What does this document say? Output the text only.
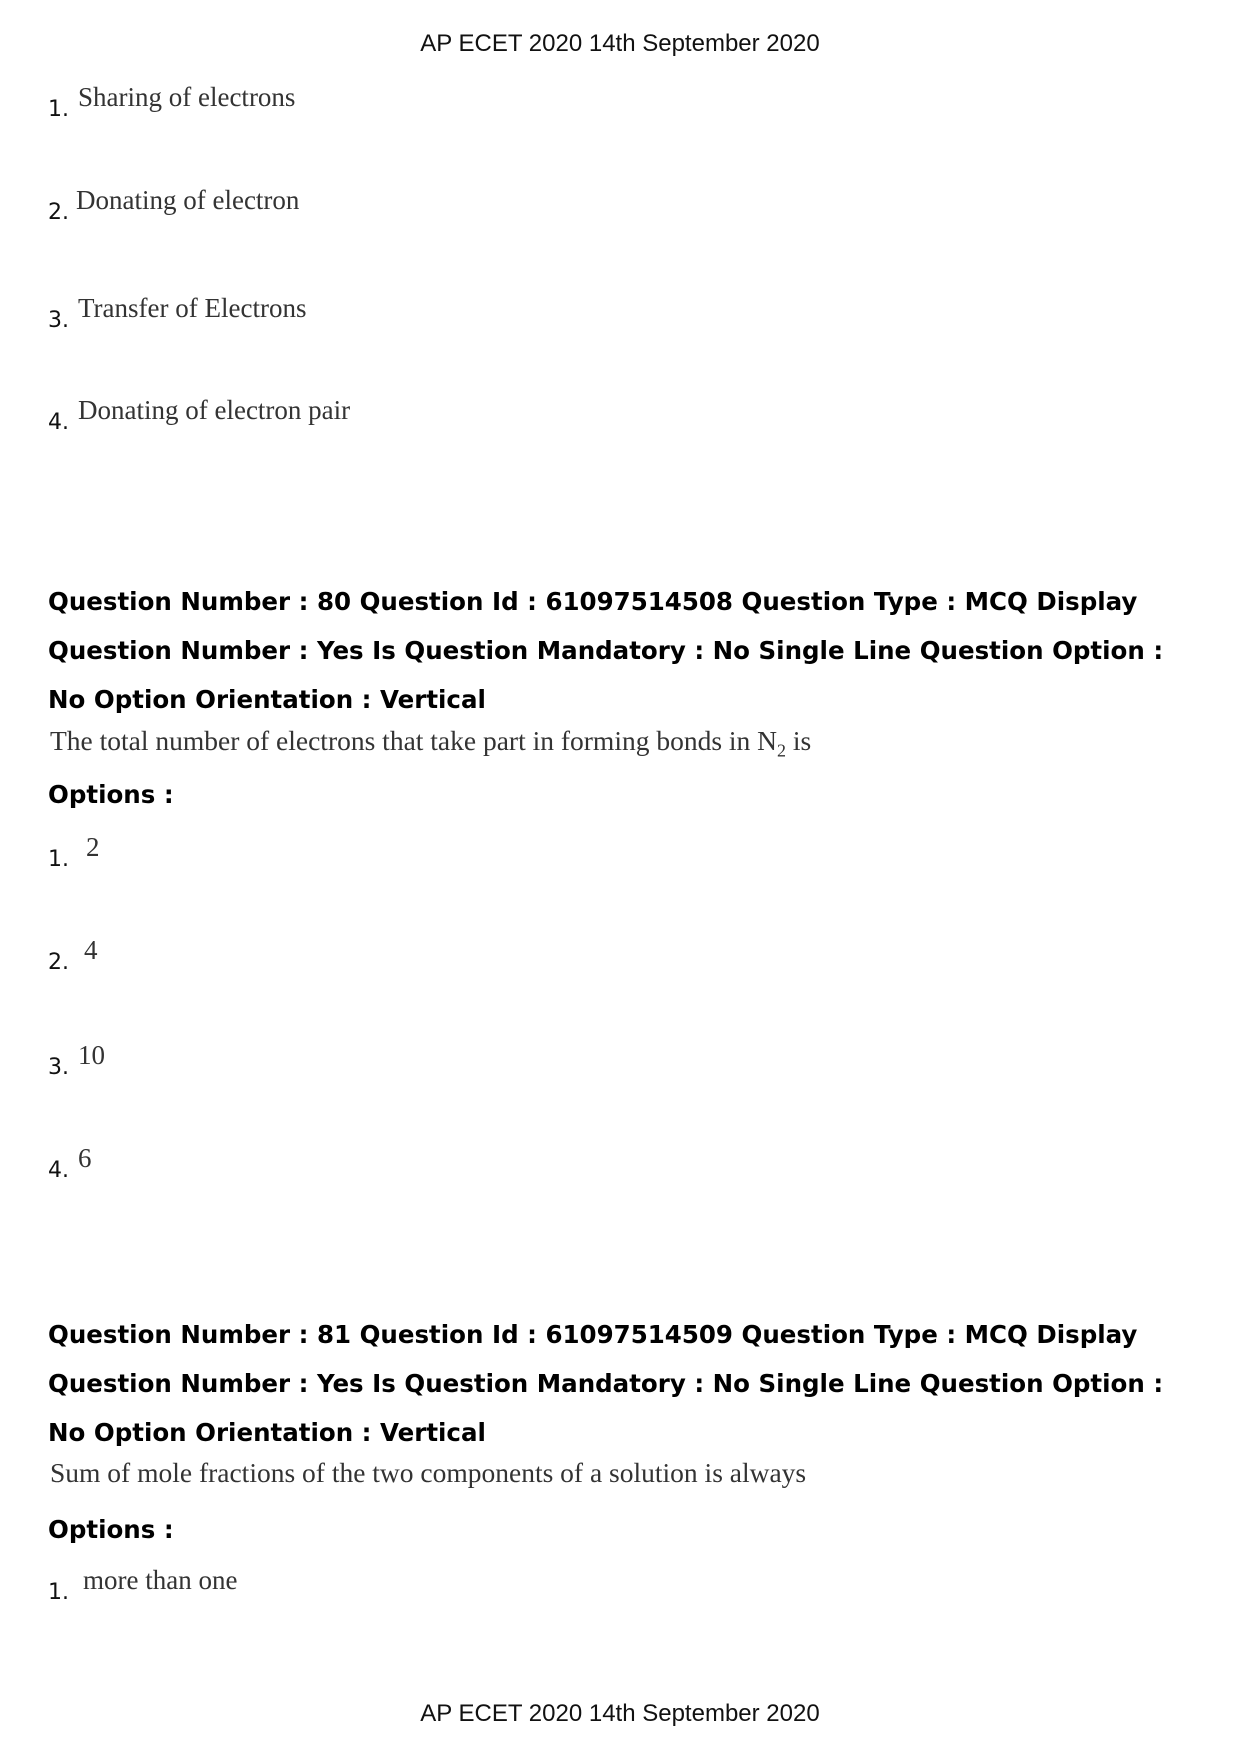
AP ECET 2020 14th September 2020
1. Sharing of electrons
2. Donating of electron
3. Transfer of Electrons
4. Donating of electron pair
Question Number : 80 Question Id : 61097514508 Question Type : MCQ Display Question Number : Yes Is Question Mandatory : No Single Line Question Option : No Option Orientation : Vertical
The total number of electrons that take part in forming bonds in $N_2$ is
Options :
1. 2
2. 4
3. 10
4. 6
Question Number : 81 Question Id : 61097514509 Question Type : MCQ Display Question Number : Yes Is Question Mandatory : No Single Line Question Option : No Option Orientation : Vertical
Sum of mole fractions of the two components of a solution is always
Options :
1. more than one
AP ECET 2020 14th September 2020
